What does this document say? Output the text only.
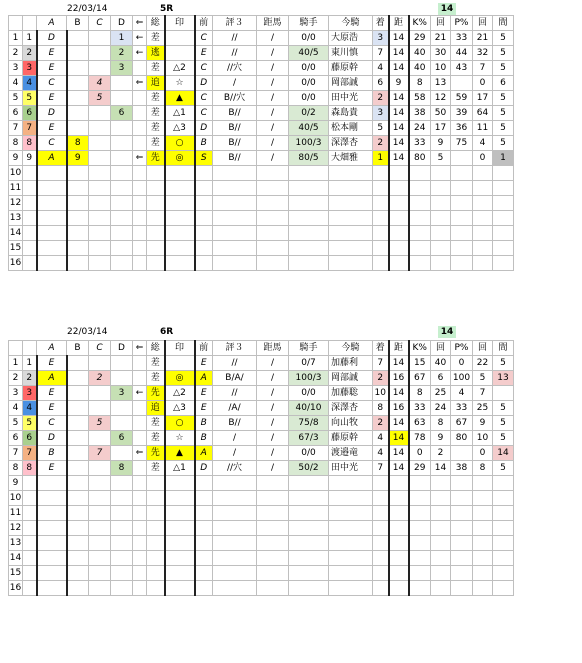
22/03/14	5R	14
		A	B	C	D	⇐	総	印	前	評３	距馬	騎手	今騎	着	距	K%	回	P%	回	間
1	1	D			1	←	差		C	//	/	0/0	大原浩	3	14	29	21	33	21	5
2	2	E			2	←	逃		E	//	/	40/5	東川慎	7	14	40	30	44	32	5
3	3	E			3		差	△2	C	//穴	/	0/0	藤原幹	4	14	40	10	43	7	5
4	4	C		4		⇐	追	☆	D	/	/	0/0	岡部誠	6	9	8	13		0	6
5	5	E		5			差	▲	C	B//穴	/	0/0	田中光	2	14	58	12	59	17	5
6	6	D			6		差	△1	C	B//	/	0/2	森島貴	3	14	38	50	39	64	5
7	7	E					差	△3	D	B//	/	40/5	松本剛	5	14	24	17	36	11	5
8	8	C	8				差	○	B	B//	/	100/3	深澤杏	2	14	33	9	75	4	5
9	9	A	9			⇐	先	◎	S	B//	/	80/5	大畑雅	1	14	80	5		0	1
10																				
11																				
12																				
13																				
14																				
15																				
16																				
22/03/14	6R	14
		A	B	C	D	⇐	総	印	前	評３	距馬	騎手	今騎	着	距	K%	回	P%	回	間
1	1	E					差		E	//	/	0/7	加藤利	7	14	15	40	0	22	5
2	2	A		2			差	◎	A	B/A/	/	100/3	岡部誠	2	16	67	6	100	5	13
3	3	E			3	←	先	△2	E	//	/	0/0	加藤聡	10	14	8	25	4	7	
4	4	E					追	△3	E	/A/	/	40/10	深澤杏	8	16	33	24	33	25	5
5	5	C		5			差	○	B	B//	/	75/8	向山牧	2	14	63	8	67	9	5
6	6	D			6		差	☆	B	/	/	67/3	藤原幹	4	14	78	9	80	10	5
7	7	B		7		⇐	先	▲	A	/	/	0/0	渡邉竜	4	14	0	2		0	14
8	8	E			8		差	△1	D	//穴	/	50/2	田中光	7	14	29	14	38	8	5
9																				
10																				
11																				
12																				
13																				
14																				
15																				
16																				
